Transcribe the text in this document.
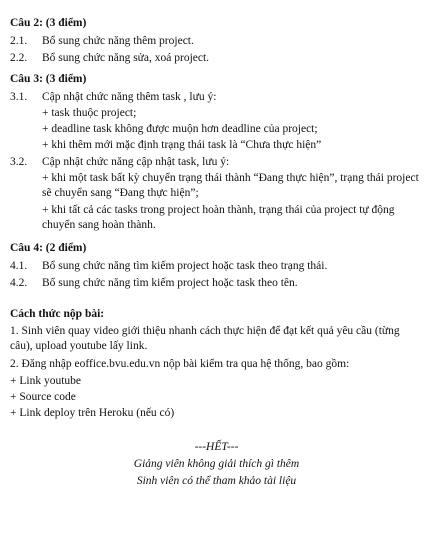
Câu 2: (3 điểm)
2.1. Bổ sung chức năng thêm project.
2.2. Bổ sung chức năng sửa, xoá project.
Câu 3: (3 điểm)
3.1. Cập nhật chức năng thêm task , lưu ý:
+ task thuộc project;
+ deadline task không được muộn hơn deadline của project;
+ khi thêm mới mặc định trạng thái task là “Chưa thực hiện”
3.2. Cập nhật chức năng cập nhật task, lưu ý:
+ khi một task bất kỳ chuyển trạng thái thành “Đang thực hiện”, trạng thái project sẽ chuyển sang “Đang thực hiện”;
+ khi tất cả các tasks trong project hoàn thành, trạng thái của project tự động chuyển sang hoàn thành.
Câu 4: (2 điểm)
4.1. Bổ sung chức năng tìm kiếm project hoặc task theo trạng thái.
4.2. Bổ sung chức năng tìm kiếm project hoặc task theo tên.
Cách thức nộp bài:
1. Sinh viên quay video giới thiệu nhanh cách thực hiện để đạt kết quả yêu cầu (từng câu), upload youtube lấy link.
2. Đăng nhập eoffice.bvu.edu.vn nộp bài kiểm tra qua hệ thống, bao gồm:
+ Link youtube
+ Source code
+ Link deploy trên Heroku (nếu có)
---HẾT---
Giảng viên không giải thích gì thêm
Sinh viên có thể tham khảo tài liệu
